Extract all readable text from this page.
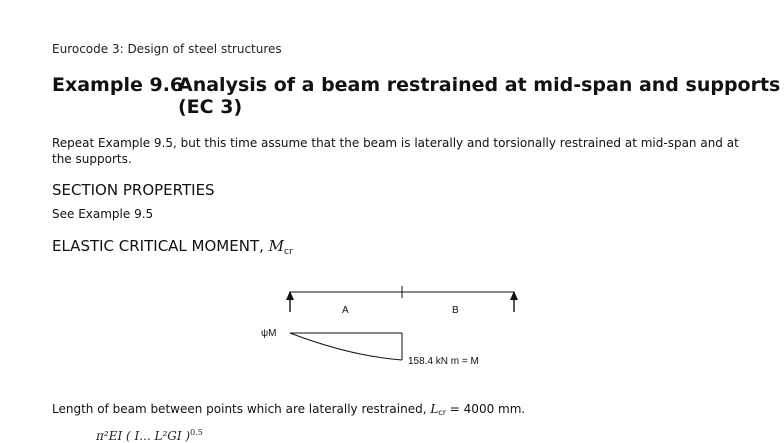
Eurocode 3: Design of steel structures
Example 9.6
Analysis of a beam restrained at mid-span and supports
(EC 3)
Repeat Example 9.5, but this time assume that the beam is laterally and torsionally restrained at mid-span and at the supports.
SECTION PROPERTIES
See Example 9.5
ELASTIC CRITICAL MOMENT, $M_{cr}$
A	B
ψM
158.4 kN m = M
Length of beam between points which are laterally restrained, $L_{cr} = 4000$ mm.
π²EI ( I... L²GI )$^{0.5}$
